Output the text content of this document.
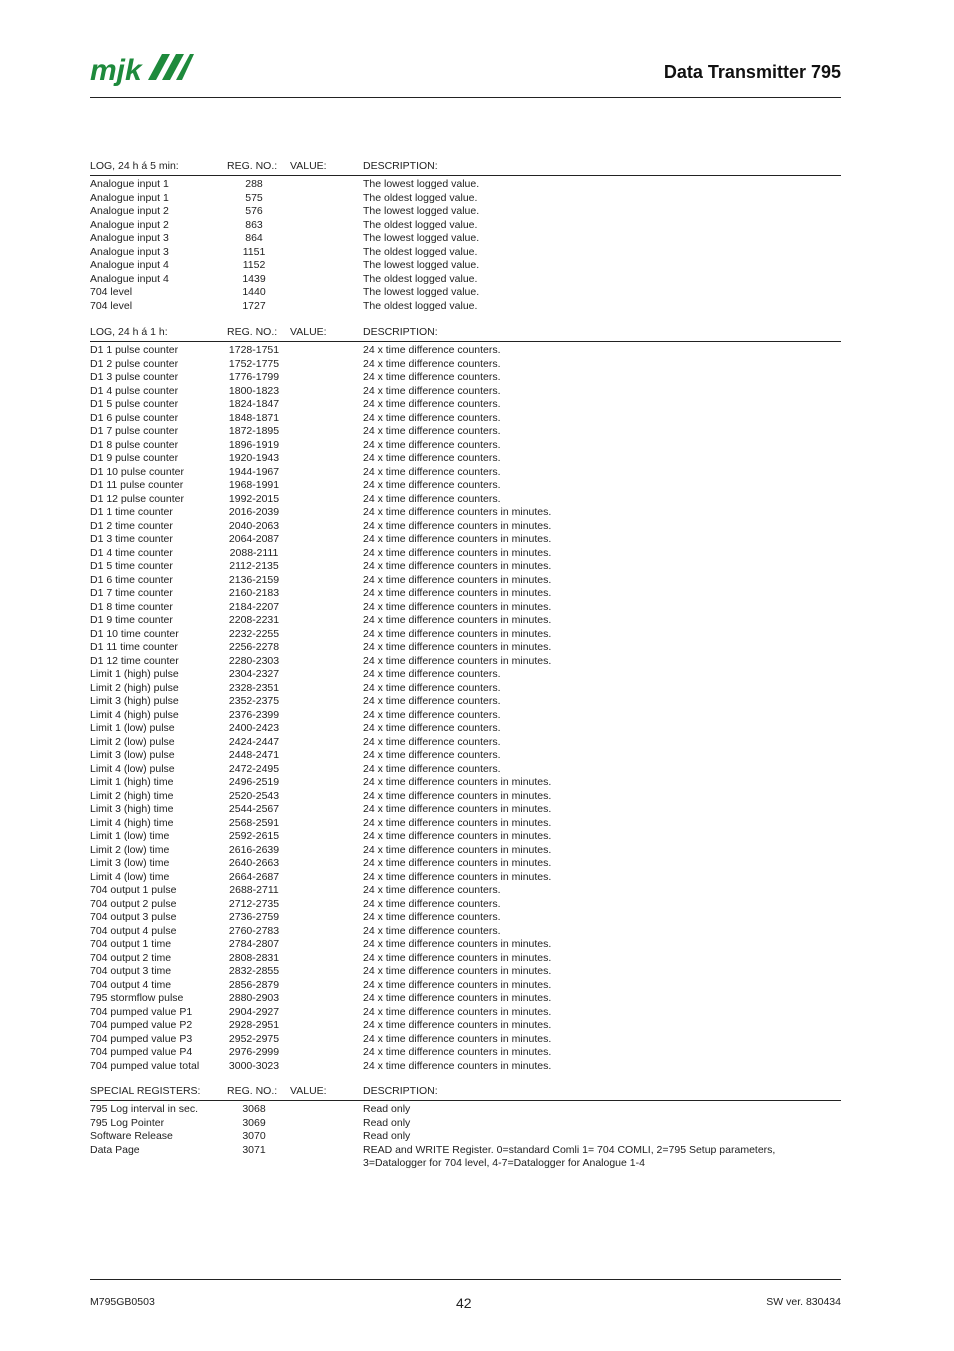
mjk	Data Transmitter 795
LOG, 24 h á 5 min:	REG. NO.: VALUE:	DESCRIPTION:
Analogue input 1	288	The lowest logged value.
Analogue input 1	575	The oldest logged value.
Analogue input 2	576	The lowest logged value.
Analogue input 2	863	The oldest logged value.
Analogue input 3	864	The lowest logged value.
Analogue input 3	1151	The oldest logged value.
Analogue input 4	1152	The lowest logged value.
Analogue input 4	1439	The oldest logged value.
704 level	1440	The lowest logged value.
704 level	1727	The oldest logged value.
LOG, 24 h á 1 h:	REG. NO.: VALUE:	DESCRIPTION:
D1 1 pulse counter	1728-1751	24 x time difference counters.
D1 2 pulse counter	1752-1775	24 x time difference counters.
D1 3 pulse counter	1776-1799	24 x time difference counters.
D1 4 pulse counter	1800-1823	24 x time difference counters.
D1 5 pulse counter	1824-1847	24 x time difference counters.
D1 6 pulse counter	1848-1871	24 x time difference counters.
D1 7 pulse counter	1872-1895	24 x time difference counters.
D1 8 pulse counter	1896-1919	24 x time difference counters.
D1 9 pulse counter	1920-1943	24 x time difference counters.
D1 10 pulse counter	1944-1967	24 x time difference counters.
D1 11 pulse counter	1968-1991	24 x time difference counters.
D1 12 pulse counter	1992-2015	24 x time difference counters.
D1 1 time counter	2016-2039	24 x time difference counters in minutes.
D1 2 time counter	2040-2063	24 x time difference counters in minutes.
D1 3 time counter	2064-2087	24 x time difference counters in minutes.
D1 4 time counter	2088-2111	24 x time difference counters in minutes.
D1 5 time counter	2112-2135	24 x time difference counters in minutes.
D1 6 time counter	2136-2159	24 x time difference counters in minutes.
D1 7 time counter	2160-2183	24 x time difference counters in minutes.
D1 8 time counter	2184-2207	24 x time difference counters in minutes.
D1 9 time counter	2208-2231	24 x time difference counters in minutes.
D1 10 time counter	2232-2255	24 x time difference counters in minutes.
D1 11 time counter	2256-2278	24 x time difference counters in minutes.
D1 12 time counter	2280-2303	24 x time difference counters in minutes.
Limit 1 (high) pulse	2304-2327	24 x time difference counters.
Limit 2 (high) pulse	2328-2351	24 x time difference counters.
Limit 3 (high) pulse	2352-2375	24 x time difference counters.
Limit 4 (high) pulse	2376-2399	24 x time difference counters.
Limit 1 (low) pulse	2400-2423	24 x time difference counters.
Limit 2 (low) pulse	2424-2447	24 x time difference counters.
Limit 3 (low) pulse	2448-2471	24 x time difference counters.
Limit 4 (low) pulse	2472-2495	24 x time difference counters.
Limit 1 (high) time	2496-2519	24 x time difference counters in minutes.
Limit 2 (high) time	2520-2543	24 x time difference counters in minutes.
Limit 3 (high) time	2544-2567	24 x time difference counters in minutes.
Limit 4 (high) time	2568-2591	24 x time difference counters in minutes.
Limit 1 (low) time	2592-2615	24 x time difference counters in minutes.
Limit 2 (low) time	2616-2639	24 x time difference counters in minutes.
Limit 3 (low) time	2640-2663	24 x time difference counters in minutes.
Limit 4 (low) time	2664-2687	24 x time difference counters in minutes.
704 output 1 pulse	2688-2711	24 x time difference counters.
704 output 2 pulse	2712-2735	24 x time difference counters.
704 output 3 pulse	2736-2759	24 x time difference counters.
704 output 4 pulse	2760-2783	24 x time difference counters.
704 output 1 time	2784-2807	24 x time difference counters in minutes.
704 output 2 time	2808-2831	24 x time difference counters in minutes.
704 output 3 time	2832-2855	24 x time difference counters in minutes.
704 output 4 time	2856-2879	24 x time difference counters in minutes.
795 stormflow pulse	2880-2903	24 x time difference counters in minutes.
704 pumped value P1	2904-2927	24 x time difference counters in minutes.
704 pumped value P2	2928-2951	24 x time difference counters in minutes.
704 pumped value P3	2952-2975	24 x time difference counters in minutes.
704 pumped value P4	2976-2999	24 x time difference counters in minutes.
704 pumped value total	3000-3023	24 x time difference counters in minutes.
SPECIAL REGISTERS:	REG. NO.: VALUE:	DESCRIPTION:
795 Log interval in sec.	3068	Read only
795 Log Pointer	3069	Read only
Software Release	3070	Read only
Data Page	3071	READ and WRITE Register. 0=standard Comli 1= 704 COMLI, 2=795 Setup parameters, 3=Datalogger for 704 level, 4-7=Datalogger for Analogue 1-4
M795GB0503	42	SW ver. 830434
